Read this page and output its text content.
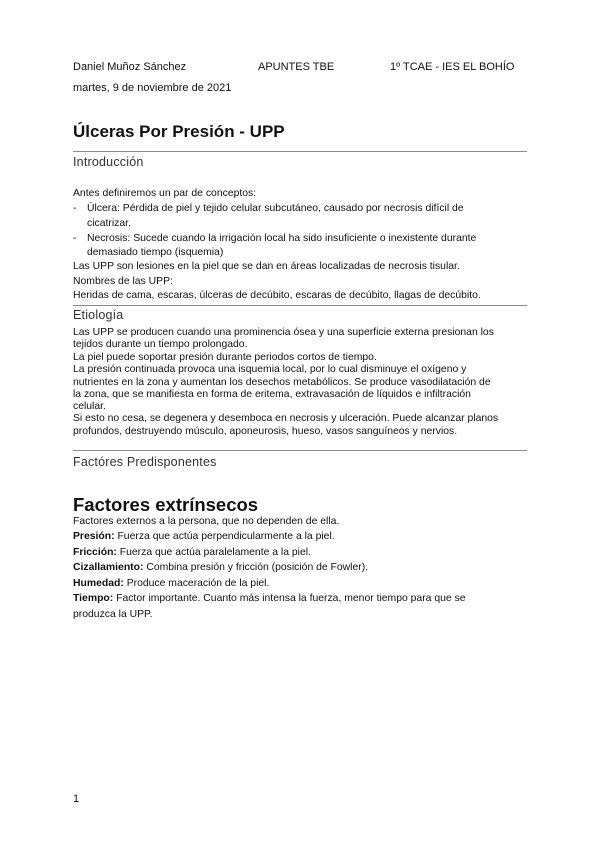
Daniel Muñoz Sánchez	APUNTES TBE	1º TCAE - IES EL BOHÍO
martes, 9 de noviembre de 2021
Úlceras Por Presión - UPP
Introducción
Antes definiremos un par de conceptos:
- Úlcera: Pérdida de piel y tejido celular subcutáneo, causado por necrosis difícil de
cicatrizar.
- Necrosis: Sucede cuando la irrigación local ha sido insuficiente o inexistente durante
demasiado tiempo (isquemia)
Las UPP son lesiones en la piel que se dan en áreas localizadas de necrosis tisular.
Nombres de las UPP:
Heridas de cama, escaras, úlceras de decúbito, escaras de decúbito, llagas de decúbito.
Etiología
Las UPP se producen cuando una prominencia ósea y una superficie externa presionan los
tejidos durante un tiempo prolongado.
La piel puede soportar presión durante periodos cortos de tiempo.
La presión continuada provoca una isquemia local, por lo cual disminuye el oxígeno y
nutrientes en la zona y aumentan los desechos metabólicos. Se produce vasodilatación de
la zona, que se manifiesta en forma de eritema, extravasación de líquidos e infiltración
celular.
Si esto no cesa, se degenera y desemboca en necrosis y ulceración. Puede alcanzar planos
profundos, destruyendo músculo, aponeurosis, hueso, vasos sanguíneos y nervios.
Factóres Predisponentes
Factores extrínsecos
Factores externos a la persona, que no dependen de ella.
Presión: Fuerza que actúa perpendicularmente a la piel.
Fricción: Fuerza que actúa paralelamente a la piel.
Cizallamiento: Combina presión y fricción (posición de Fowler).
Humedad: Produce maceración de la piel.
Tiempo: Factor importante. Cuanto más intensa la fuerza, menor tiempo para que se
produzca la UPP.
1
